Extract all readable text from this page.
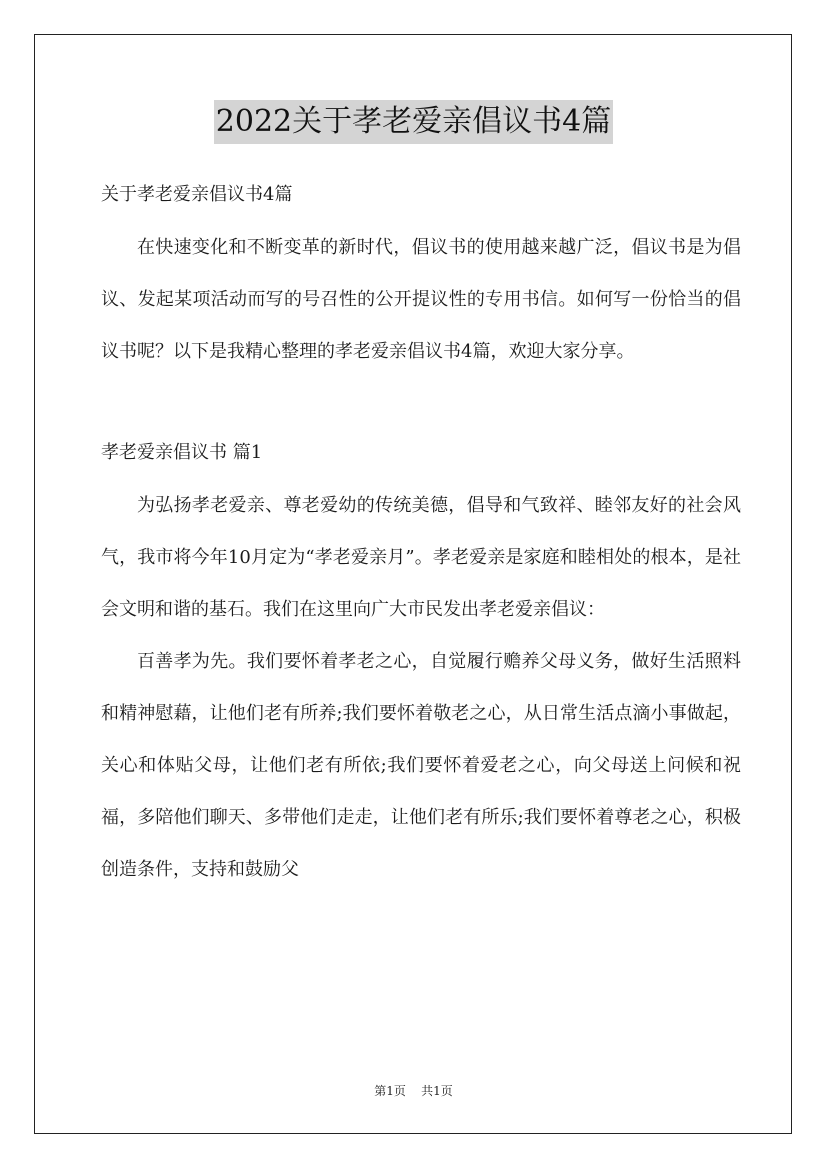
2022关于孝老爱亲倡议书4篇

关于孝老爱亲倡议书4篇

在快速变化和不断变革的新时代，倡议书的使用越来越广泛，倡议书是为倡议、发起某项活动而写的号召性的公开提议性的专用书信。如何写一份恰当的倡议书呢？以下是我精心整理的孝老爱亲倡议书4篇，欢迎大家分享。

孝老爱亲倡议书 篇1

为弘扬孝老爱亲、尊老爱幼的传统美德，倡导和气致祥、睦邻友好的社会风气，我市将今年10月定为“孝老爱亲月”。孝老爱亲是家庭和睦相处的根本，是社会文明和谐的基石。我们在这里向广大市民发出孝老爱亲倡议：

百善孝为先。我们要怀着孝老之心，自觉履行赡养父母义务，做好生活照料和精神慰藉，让他们老有所养;我们要怀着敬老之心，从日常生活点滴小事做起，关心和体贴父母，让他们老有所依;我们要怀着爱老之心，向父母送上问候和祝福，多陪他们聊天、多带他们走走，让他们老有所乐;我们要怀着尊老之心，积极创造条件，支持和鼓励父

第1页 共1页
